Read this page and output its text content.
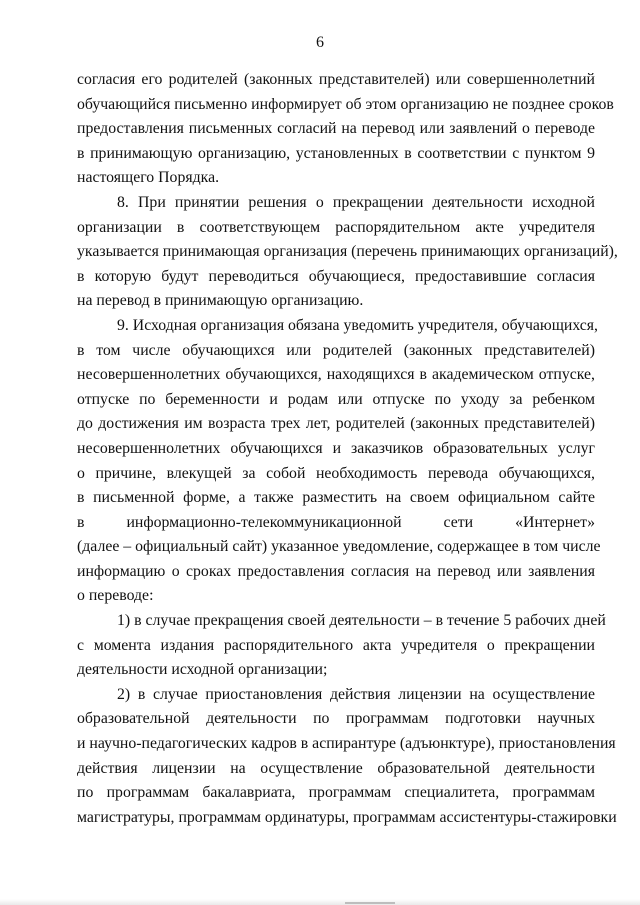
6

согласия его родителей (законных представителей) или совершеннолетний
обучающийся письменно информирует об этом организацию не позднее сроков
предоставления письменных согласий на перевод или заявлений о переводе
в принимающую организацию, установленных в соответствии с пунктом 9
настоящего Порядка.

8. При принятии решения о прекращении деятельности исходной
организации в соответствующем распорядительном акте учредителя
указывается принимающая организация (перечень принимающих организаций),
в которую будут переводиться обучающиеся, предоставившие согласия
на перевод в принимающую организацию.

9. Исходная организация обязана уведомить учредителя, обучающихся,
в том числе обучающихся или родителей (законных представителей)
несовершеннолетних обучающихся, находящихся в академическом отпуске,
отпуске по беременности и родам или отпуске по уходу за ребенком
до достижения им возраста трех лет, родителей (законных представителей)
несовершеннолетних обучающихся и заказчиков образовательных услуг
о причине, влекущей за собой необходимость перевода обучающихся,
в письменной форме, а также разместить на своем официальном сайте
в информационно-телекоммуникационной сети «Интернет»
(далее – официальный сайт) указанное уведомление, содержащее в том числе
информацию о сроках предоставления согласия на перевод или заявления
о переводе:

1) в случае прекращения своей деятельности – в течение 5 рабочих дней
с момента издания распорядительного акта учредителя о прекращении
деятельности исходной организации;

2) в случае приостановления действия лицензии на осуществление
образовательной деятельности по программам подготовки научных
и научно-педагогических кадров в аспирантуре (адъюнктуре), приостановления
действия лицензии на осуществление образовательной деятельности
по программам бакалавриата, программам специалитета, программам
магистратуры, программам ординатуры, программам ассистентуры-стажировки
